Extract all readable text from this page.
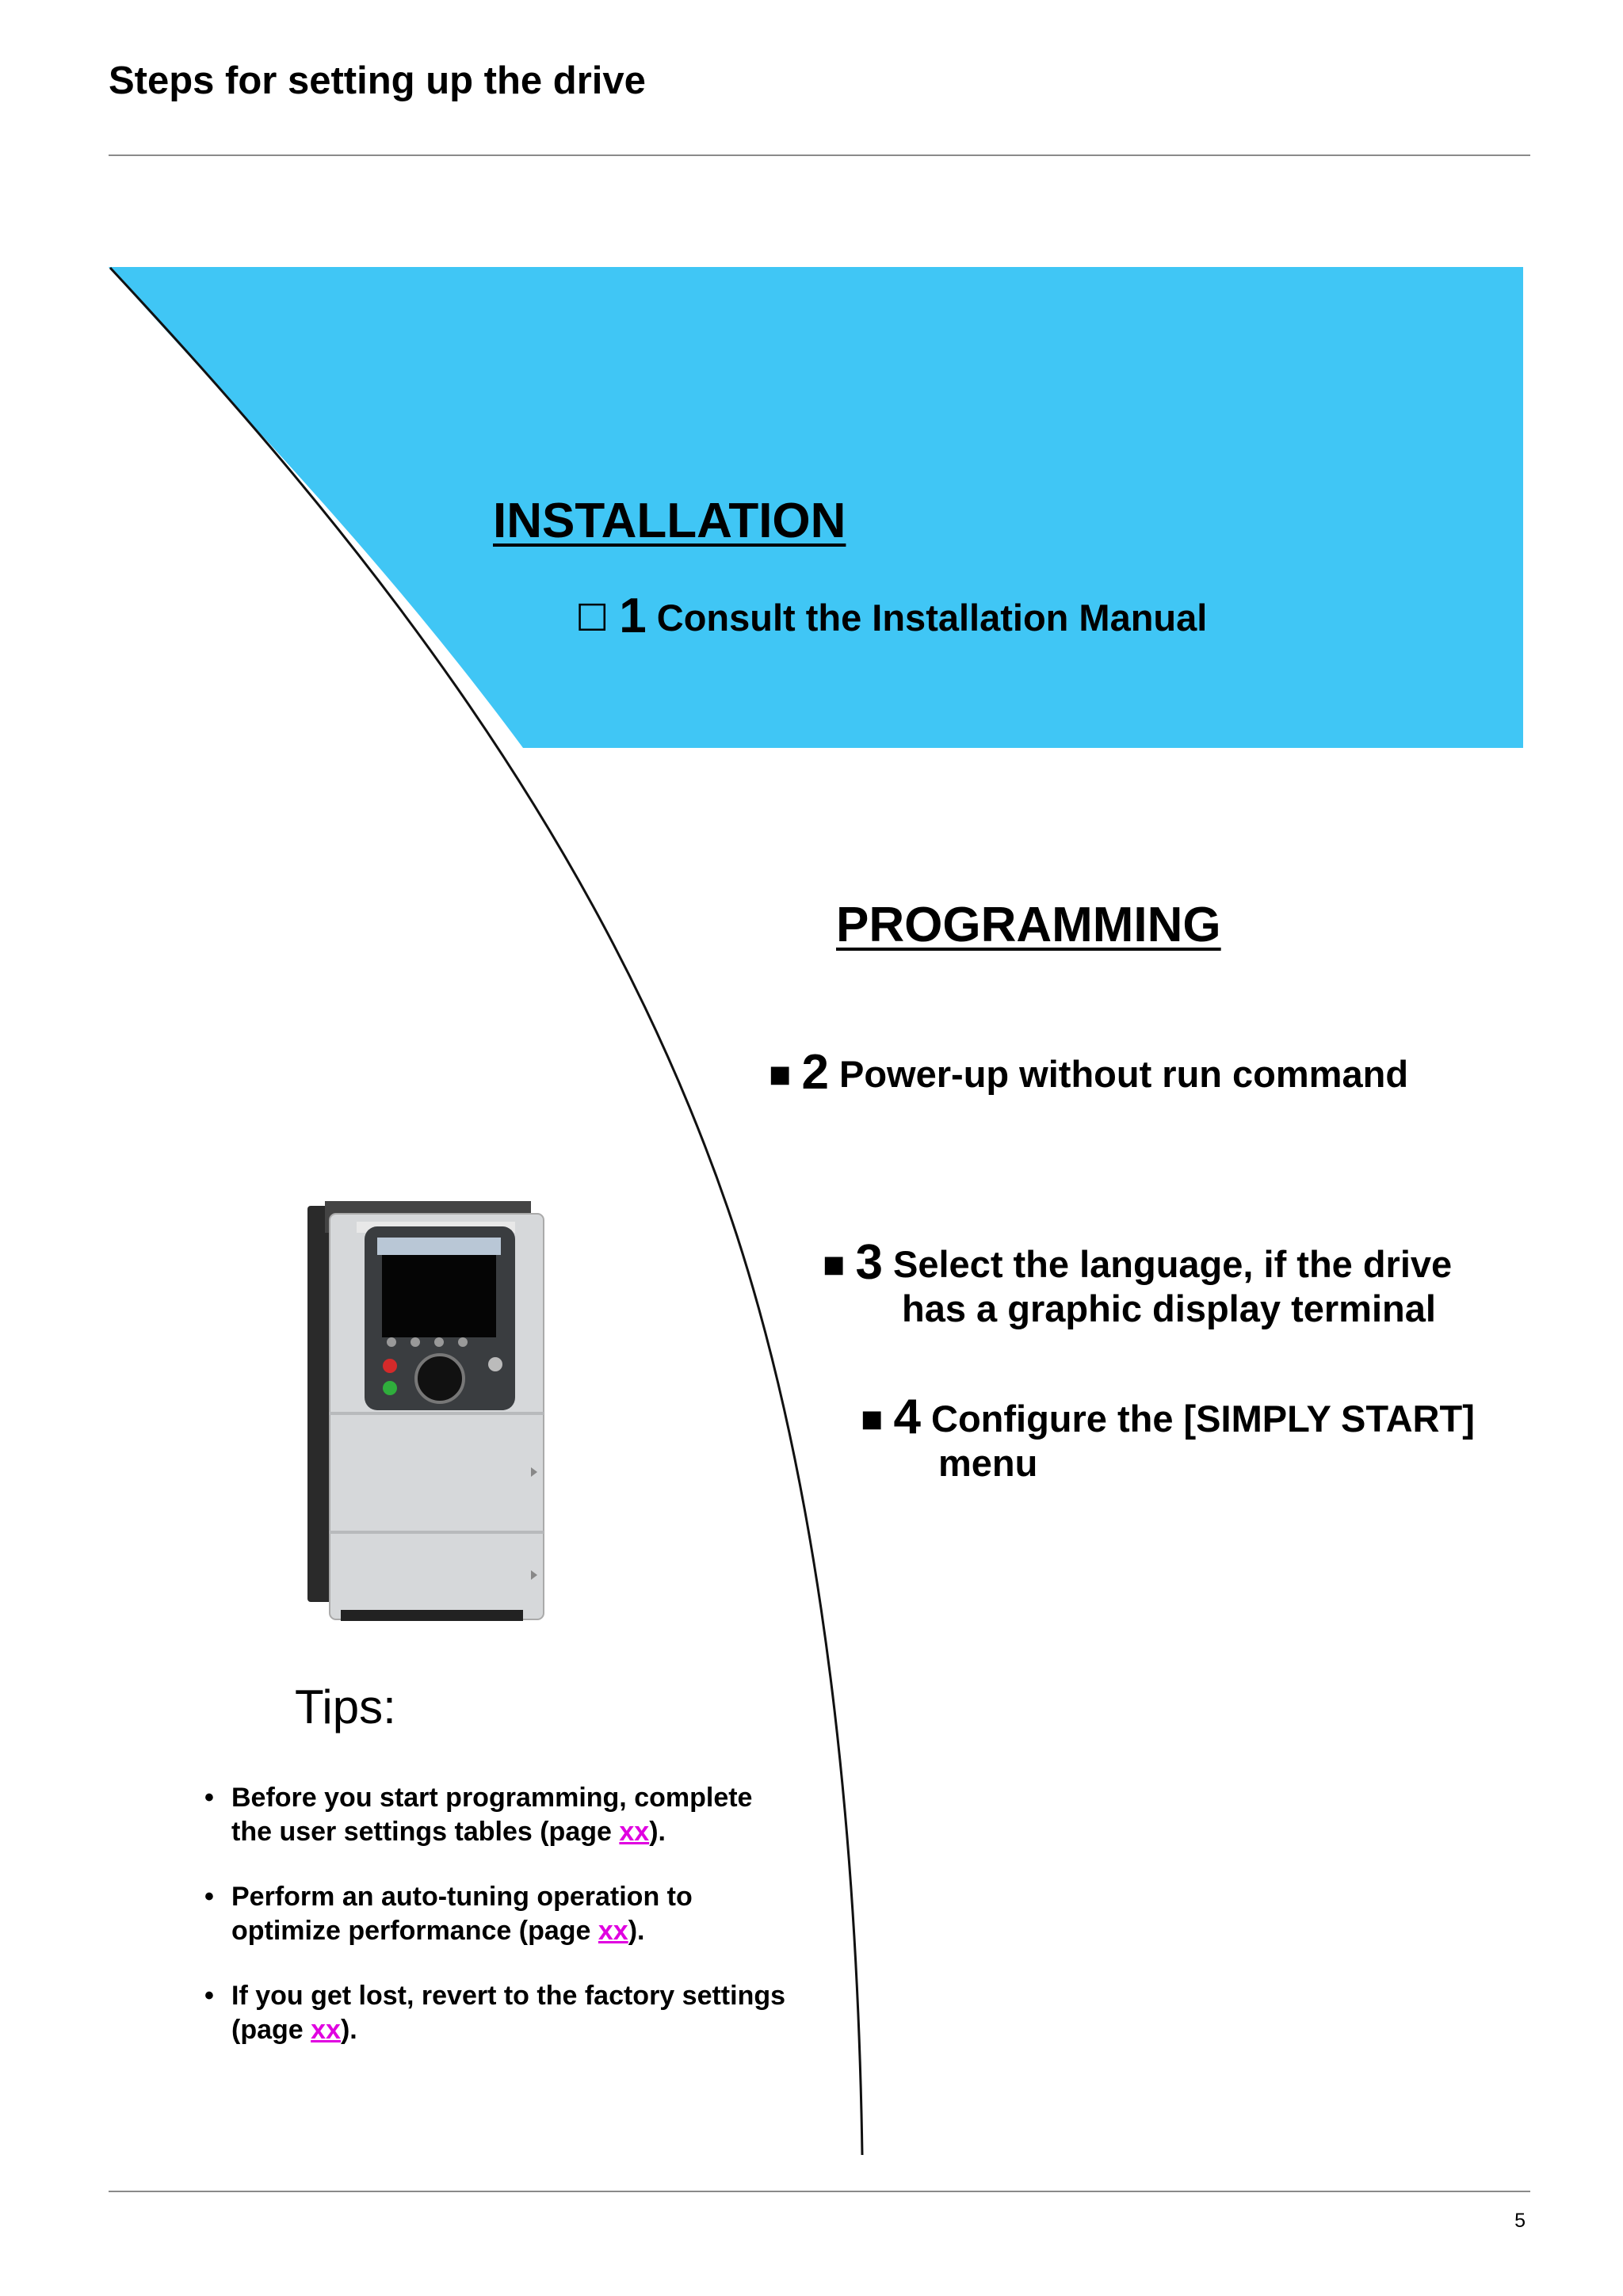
Steps for setting up the drive
INSTALLATION
☐ 1 Consult the Installation Manual
PROGRAMMING
■ 2 Power-up without run command
■ 3 Select the language, if the drive
has a graphic display terminal
■ 4 Configure the [SIMPLY START]
menu
Tips:
• Before you start programming, complete
the user settings tables (page xx).
• Perform an auto-tuning operation to
optimize performance (page xx).
• If you get lost, revert to the factory settings
(page xx).
5
